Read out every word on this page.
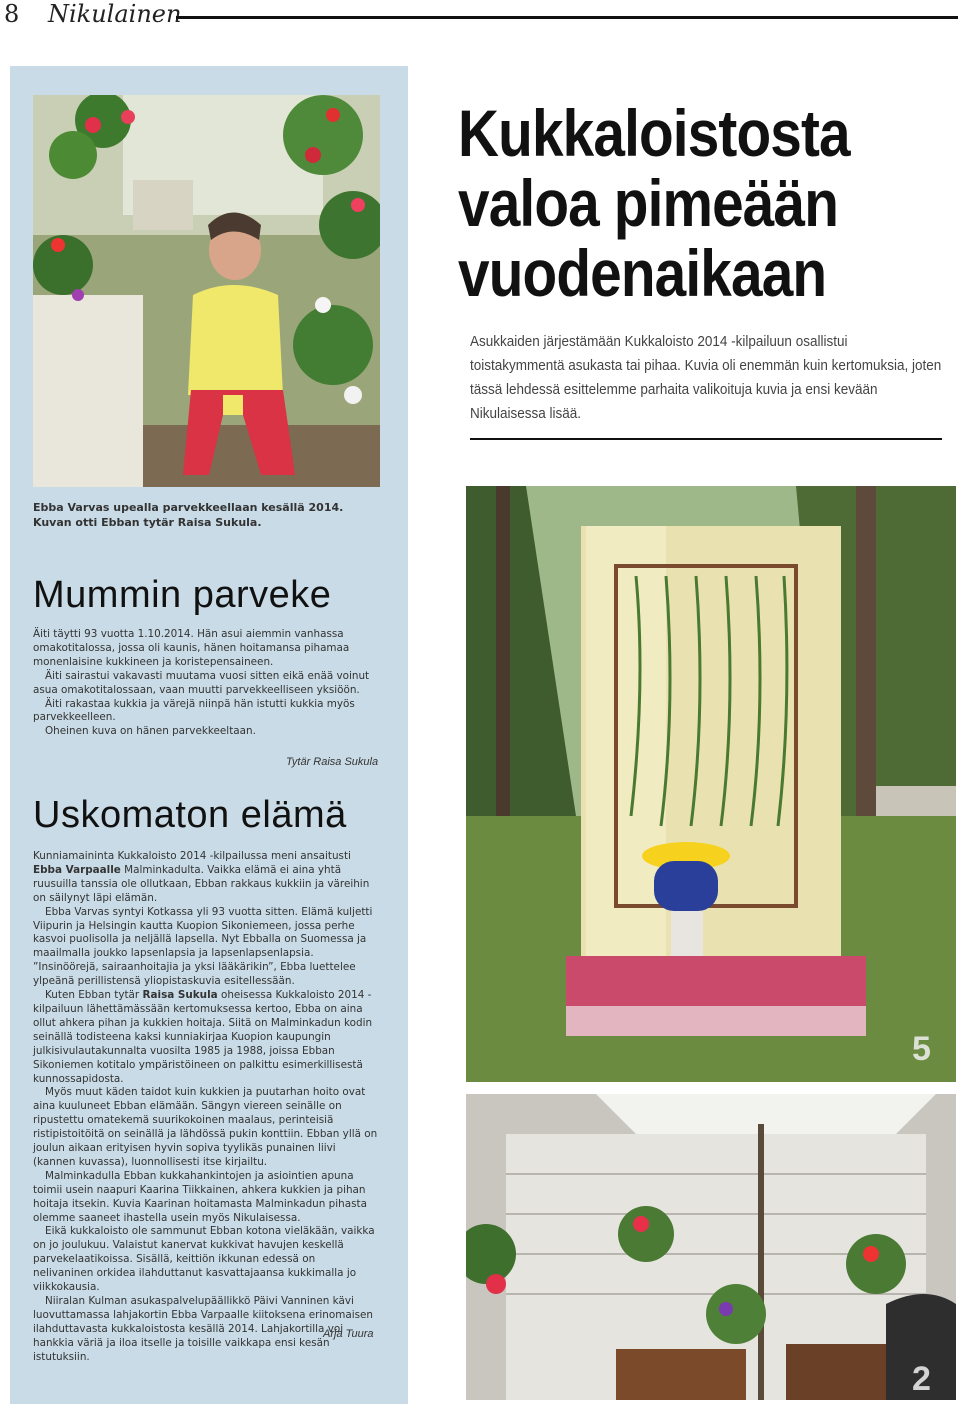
8 Nikulainen
Ebba Varvas upealla parvekkeellaan kesällä 2014. Kuvan otti Ebban tytär Raisa Sukula.
Mummin parveke

Äiti täytti 93 vuotta 1.10.2014. Hän asui aiemmin vanhassa omakotitalossa, jossa oli kaunis, hänen hoitamansa pihamaa monenlaisine kukkineen ja koristepensaineen.

Äiti sairastui vakavasti muutama vuosi sitten eikä enää voinut asua omakotitalossaan, vaan muutti parvekkeelliseen yksiöön.

Äiti rakastaa kukkia ja värejä niinpä hän istutti kukkia myös parvekkeelleen.

Oheinen kuva on hänen parvekkeeltaan.

Tytär Raisa Sukula
Uskomaton elämä

Kunniamaininta Kukkaloisto 2014 -kilpailussa meni ansaitusti Ebba Varpaalle Malminkadulta. Vaikka elämä ei aina yhtä ruusuilla tanssia ole ollutkaan, Ebban rakkaus kukkiin ja väreihin on säilynyt läpi elämän.

Ebba Varvas syntyi Kotkassa yli 93 vuotta sitten. Elämä kuljetti Viipurin ja Helsingin kautta Kuopion Sikoniemeen, jossa perhe kasvoi puolisolla ja neljällä lapsella. Nyt Ebballa on Suomessa ja maailmalla joukko lapsenlapsia ja lapsenlapsenlapsia. ”Insinöörejä, sairaanhoitajia ja yksi lääkärikin”, Ebba luettelee ylpeänä perillistensä yliopistaskuvia esitellessään.

Kuten Ebban tytär Raisa Sukula oheisessa Kukkaloisto 2014 -kilpailuun lähettämässään kertomuksessa kertoo, Ebba on aina ollut ahkera pihan ja kukkien hoitaja. Siitä on Malminkadun kodin seinällä todisteena kaksi kunniakirjaa Kuopion kaupungin julkisivulautakunnalta vuosilta 1985 ja 1988, joissa Ebban Sikoniemen kotitalo ympäristöineen on palkittu esimerkillisestä kunnossapidosta.

Myös muut käden taidot kuin kukkien ja puutarhan hoito ovat aina kuuluneet Ebban elämään. Sängyn viereen seinälle on ripustettu omatekemä suurikokoinen maalaus, perinteisiä ristipistoitöitä on seinällä ja lähdössä pukin konttiin. Ebban yllä on joulun aikaan erityisen hyvin sopiva tyylikäs punainen liivi (kannen kuvassa), luonnollisesti itse kirjailtu.

Malminkadulla Ebban kukkahankintojen ja asiointien apuna toimii usein naapuri Kaarina Tiikkainen, ahkera kukkien ja pihan hoitaja itsekin. Kuvia Kaarinan hoitamasta Malminkadun pihasta olemme saaneet ihastella usein myös Nikulaisessa.

Eikä kukkaloisto ole sammunut Ebban kotona vieläkään, vaikka on jo joulukuu. Valaistut kanervat kukkivat havujen keskellä parvekelaatikoissa. Sisällä, keittiön ikkunan edessä on nelivaninen orkidea ilahduttanut kasvattajaansa kukkimalla jo viikkokausia.

Niiralan Kulman asukaspalvelupäällikkö Päivi Vanninen kävi luovuttamassa lahjakortin Ebba Varpaalle kiitoksena erinomaisen ilahduttavasta kukkaloistosta kesällä 2014. Lahjakortilla voi hankkia väriä ja iloa itselle ja toisille vaikkapa ensi kesän istutuksiin.

Arja Tuura
Kukkaloistosta
valoa pimeään
vuodenaikaan
Asukkaiden järjestämään Kukkaloisto 2014 -kilpailuun osallistui toistakymmentä asukasta tai pihaa. Kuvia oli enemmän kuin kertomuksia, joten tässä lehdessä esittelemme parhaita valikoituja kuvia ja ensi kevään Nikulaisessa lisää.
5
2
